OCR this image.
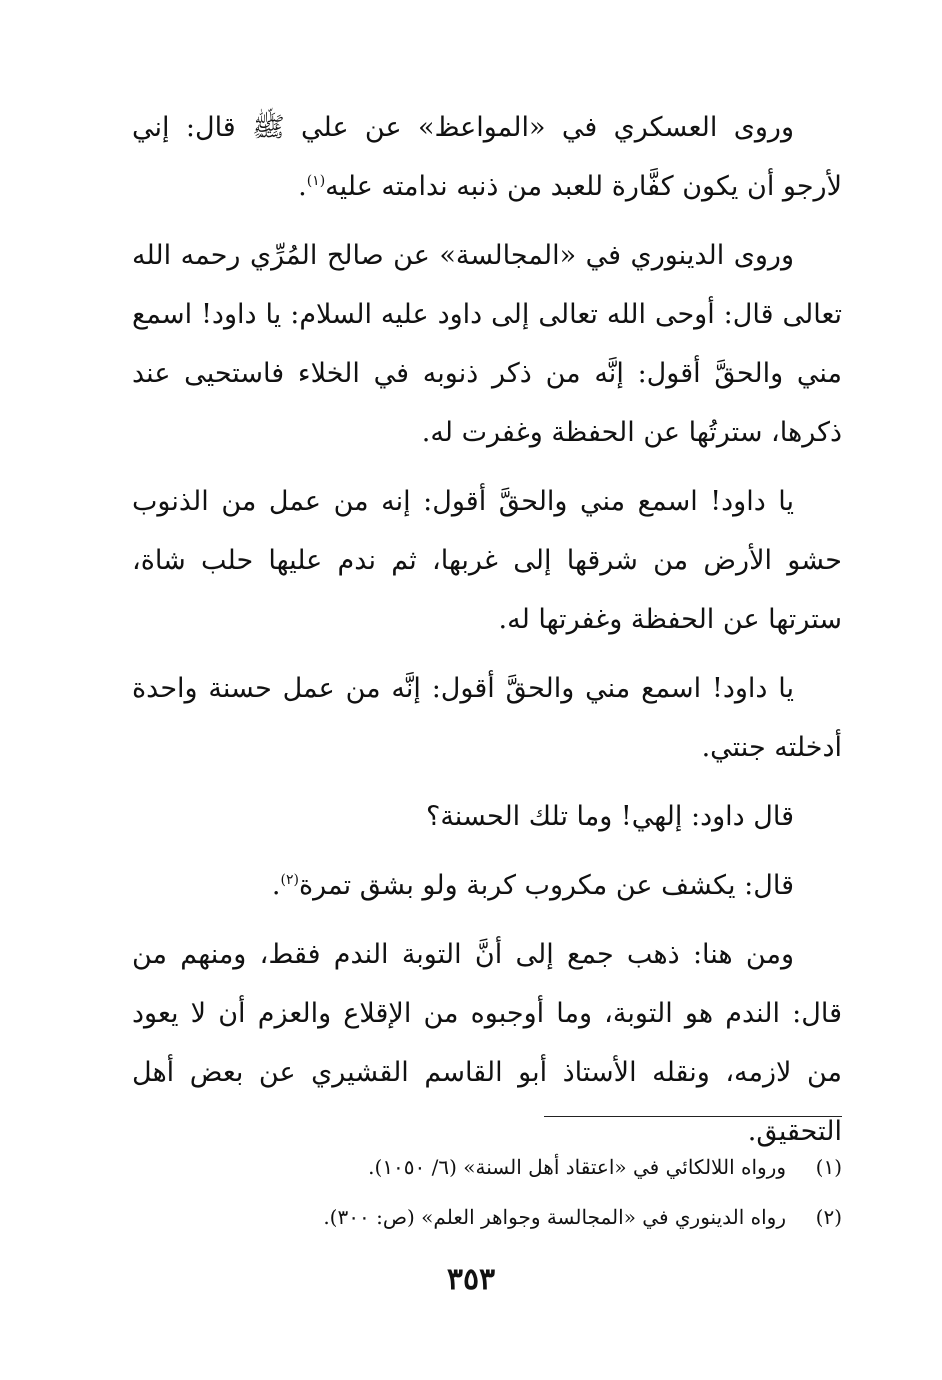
وروى العسكري في «المواعظ» عن علي ﷺ قال: إني لأرجو أن يكون كفَّارة للعبد من ذنبه ندامته عليه$^{(١)}$.

وروى الدينوري في «المجالسة» عن صالح المُرِّي رحمه الله تعالى قال: أوحى الله تعالى إلى داود عليه السلام: يا داود! اسمع مني والحقَّ أقول: إنَّه من ذكر ذنوبه في الخلاء فاستحيى عند ذكرها، سترتُها عن الحفظة وغفرت له.

يا داود! اسمع مني والحقَّ أقول: إنه من عمل من الذنوب حشو الأرض من شرقها إلى غربها، ثم ندم عليها حلب شاة، سترتها عن الحفظة وغفرتها له.

يا داود! اسمع مني والحقَّ أقول: إنَّه من عمل حسنة واحدة أدخلته جنتي.

قال داود: إلهي! وما تلك الحسنة؟

قال: يكشف عن مكروب كربة ولو بشق تمرة$^{(٢)}$.

ومن هنا: ذهب جمع إلى أنَّ التوبة الندم فقط، ومنهم من قال: الندم هو التوبة، وما أوجبوه من الإقلاع والعزم أن لا يعود من لازمه، ونقله الأستاذ أبو القاسم القشيري عن بعض أهل التحقيق.

(١)ورواه اللالكائي في «اعتقاد أهل السنة» (٦/ ١٠٥٠).
(٢)رواه الدينوري في «المجالسة وجواهر العلم» (ص: ٣٠٠).
٣٥٣
